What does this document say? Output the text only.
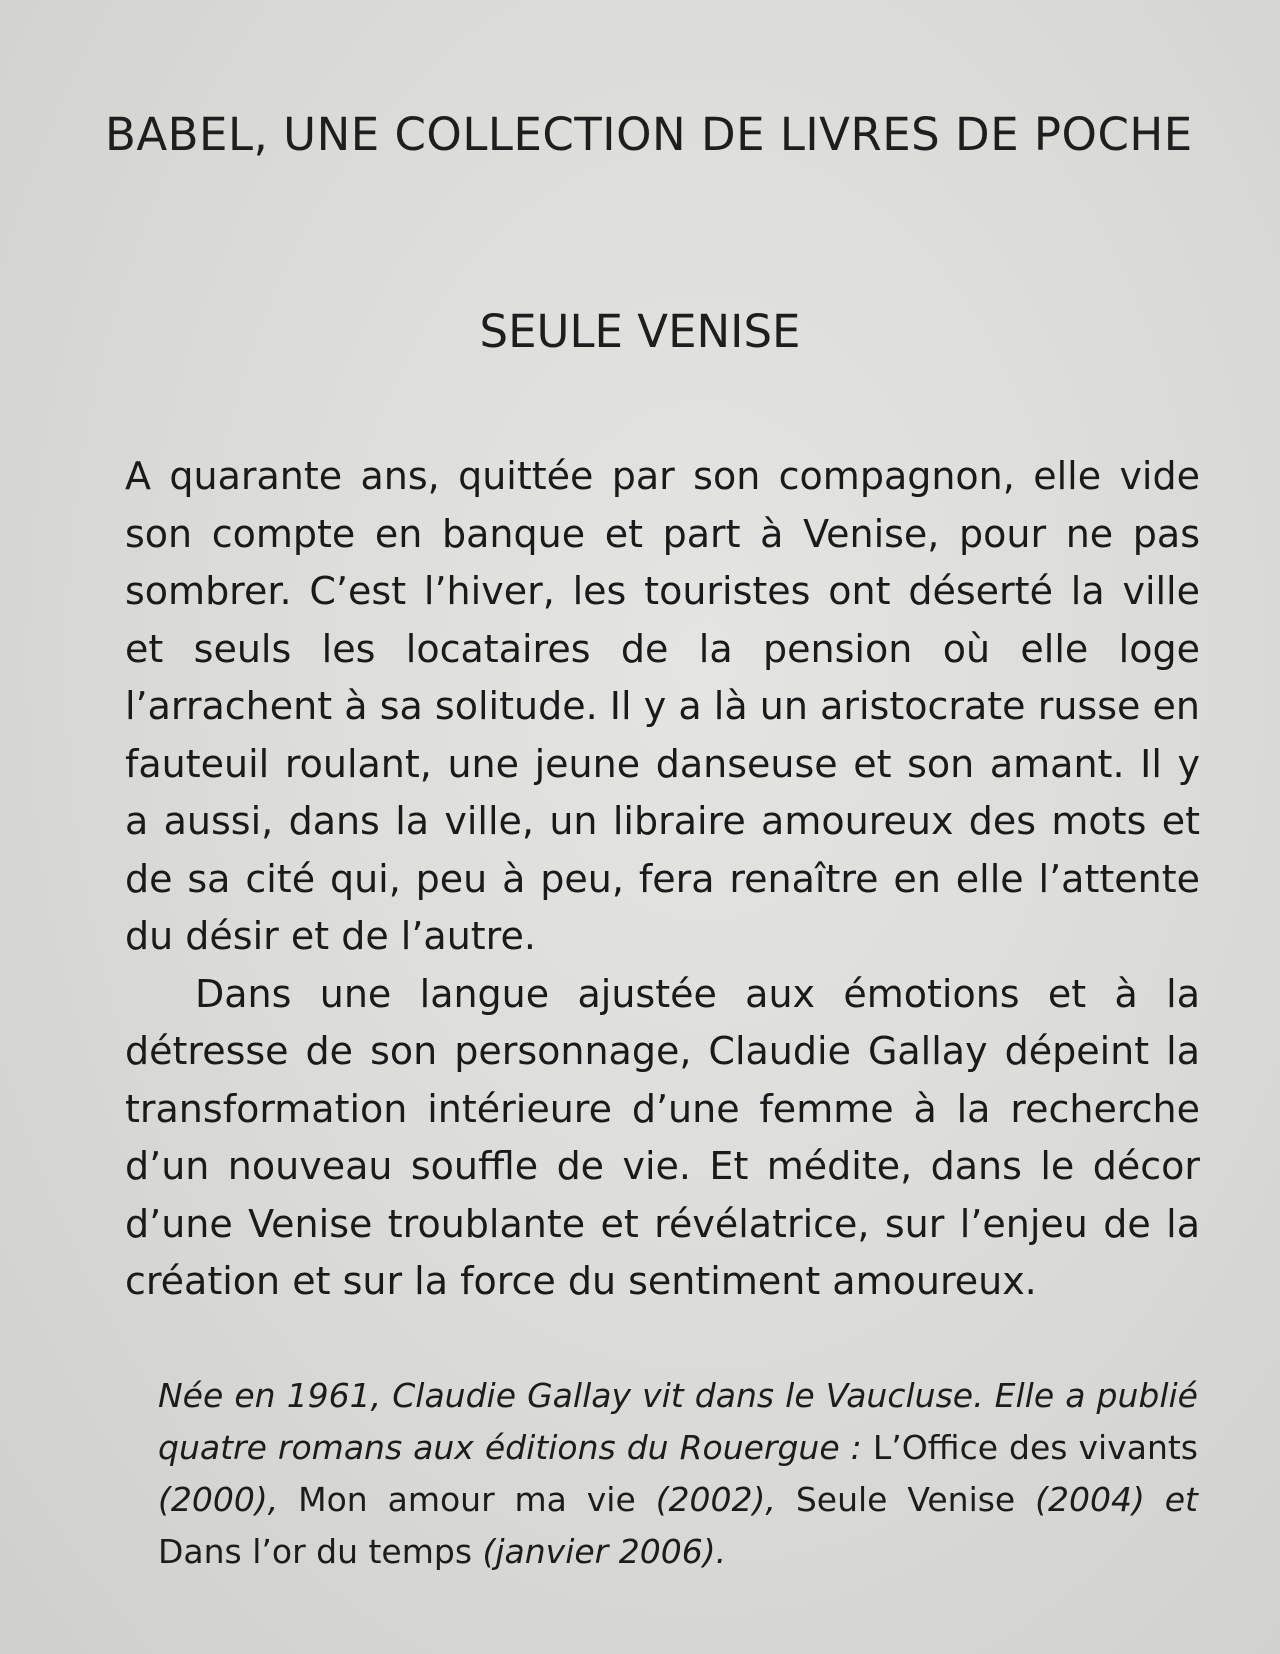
BABEL, UNE COLLECTION DE LIVRES DE POCHE
SEULE VENISE

A quarante ans, quittée par son compagnon, elle vide son compte en banque et part à Venise, pour ne pas sombrer. C’est l’hiver, les touristes ont déserté la ville et seuls les locataires de la pension où elle loge l’arrachent à sa solitude. Il y a là un aristocrate russe en fauteuil roulant, une jeune danseuse et son amant. Il y a aussi, dans la ville, un libraire amoureux des mots et de sa cité qui, peu à peu, fera renaître en elle l’attente du désir et de l’autre.

Dans une langue ajustée aux émotions et à la détresse de son personnage, Claudie Gallay dépeint la transformation intérieure d’une femme à la recherche d’un nouveau souffle de vie. Et médite, dans le décor d’une Venise troublante et révélatrice, sur l’enjeu de la création et sur la force du sentiment amoureux.

Née en 1961, Claudie Gallay vit dans le Vaucluse. Elle a publié quatre romans aux éditions du Rouergue : L’Office des vivants (2000), Mon amour ma vie (2002), Seule Venise (2004) et Dans l’or du temps (janvier 2006).
